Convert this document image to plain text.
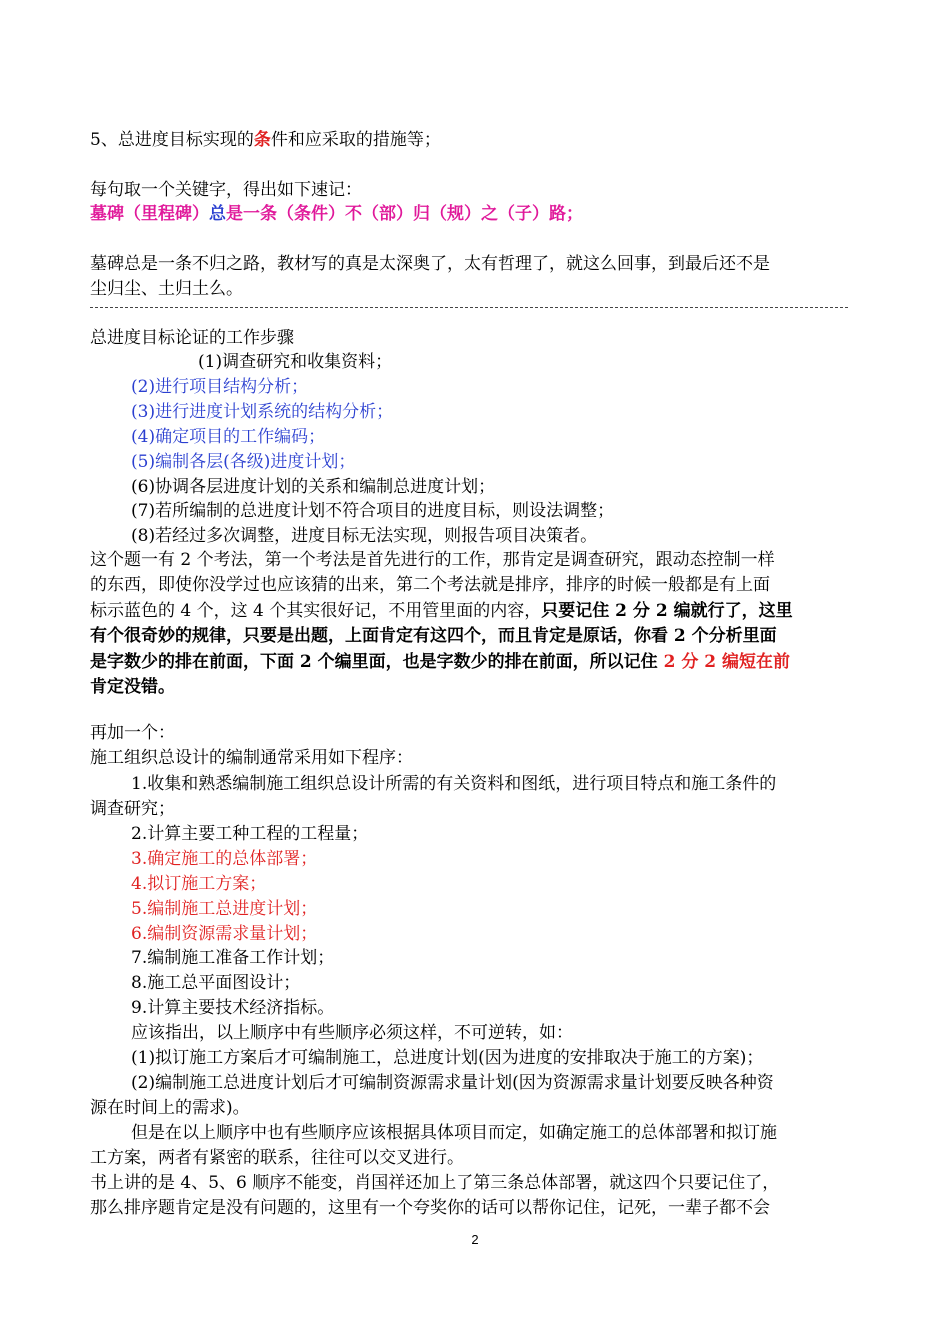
5、总进度目标实现的条件和应采取的措施等；
每句取一个关键字，得出如下速记：
墓碑（里程碑）总是一条（条件）不（部）归（规）之（子）路；
墓碑总是一条不归之路，教材写的真是太深奥了，太有哲理了，就这么回事，到最后还不是
尘归尘、土归土么。
总进度目标论证的工作步骤
(1)调查研究和收集资料；
(2)进行项目结构分析；
(3)进行进度计划系统的结构分析；
(4)确定项目的工作编码；
(5)编制各层(各级)进度计划；
(6)协调各层进度计划的关系和编制总进度计划；
(7)若所编制的总进度计划不符合项目的进度目标，则设法调整；
(8)若经过多次调整，进度目标无法实现，则报告项目决策者。
这个题一有 2 个考法，第一个考法是首先进行的工作，那肯定是调查研究，跟动态控制一样
的东西，即使你没学过也应该猜的出来，第二个考法就是排序，排序的时候一般都是有上面
标示蓝色的 4 个，这 4 个其实很好记，不用管里面的内容，只要记住 2 分 2 编就行了，这里
有个很奇妙的规律，只要是出题，上面肯定有这四个，而且肯定是原话，你看 2 个分析里面
是字数少的排在前面，下面 2 个编里面，也是字数少的排在前面，所以记住 2 分 2 编短在前
肯定没错。
再加一个：
施工组织总设计的编制通常采用如下程序：
1.收集和熟悉编制施工组织总设计所需的有关资料和图纸，进行项目特点和施工条件的
调查研究；
2.计算主要工种工程的工程量；
3.确定施工的总体部署；
4.拟订施工方案；
5.编制施工总进度计划；
6.编制资源需求量计划；
7.编制施工准备工作计划；
8.施工总平面图设计；
9.计算主要技术经济指标。
应该指出，以上顺序中有些顺序必须这样，不可逆转，如：
(1)拟订施工方案后才可编制施工，总进度计划(因为进度的安排取决于施工的方案)；
(2)编制施工总进度计划后才可编制资源需求量计划(因为资源需求量计划要反映各种资
源在时间上的需求)。
但是在以上顺序中也有些顺序应该根据具体项目而定，如确定施工的总体部署和拟订施
工方案，两者有紧密的联系，往往可以交叉进行。
书上讲的是 4、5、6 顺序不能变，肖国祥还加上了第三条总体部署，就这四个只要记住了，
那么排序题肯定是没有问题的，这里有一个夸奖你的话可以帮你记住，记死，一辈子都不会
2
